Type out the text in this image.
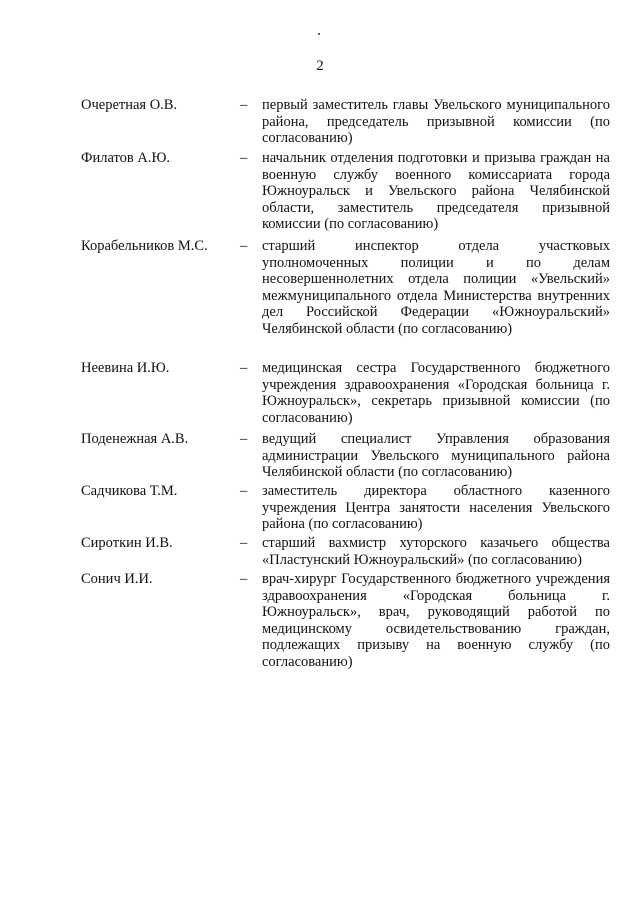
2
Очеретная О.В.	– первый заместитель главы Увельского муниципального района, председатель призывной комиссии (по согласованию)
Филатов А.Ю.	– начальник отделения подготовки и призыва граждан на военную службу военного комиссариата города Южноуральск и Увельского района Челябинской области, заместитель председателя призывной комиссии (по согласованию)
Корабельников М.С. – старший инспектор отдела участковых уполномоченных полиции и по делам несовершеннолетних отдела полиции «Увельский» межмуниципального отдела Министерства внутренних дел Российской Федерации «Южноуральский» Челябинской области (по согласованию)
Неевина И.Ю.	– медицинская сестра Государственного бюджетного учреждения здравоохранения «Городская больница г. Южноуральск», секретарь призывной комиссии (по согласованию)
Поденежная А.В.	– ведущий специалист Управления образования администрации Увельского муниципального района Челябинской области (по согласованию)
Садчикова Т.М.	– заместитель директора областного казенного учреждения Центра занятости населения Увельского района (по согласованию)
Сироткин И.В.	– старший вахмистр хуторского казачьего общества «Пластунский Южноуральский» (по согласованию)
Сонич И.И.	– врач-хирург Государственного бюджетного учреждения здравоохранения «Городская больница г. Южноуральск», врач, руководящий работой по медицинскому освидетельствованию граждан, подлежащих призыву на военную службу (по согласованию)
